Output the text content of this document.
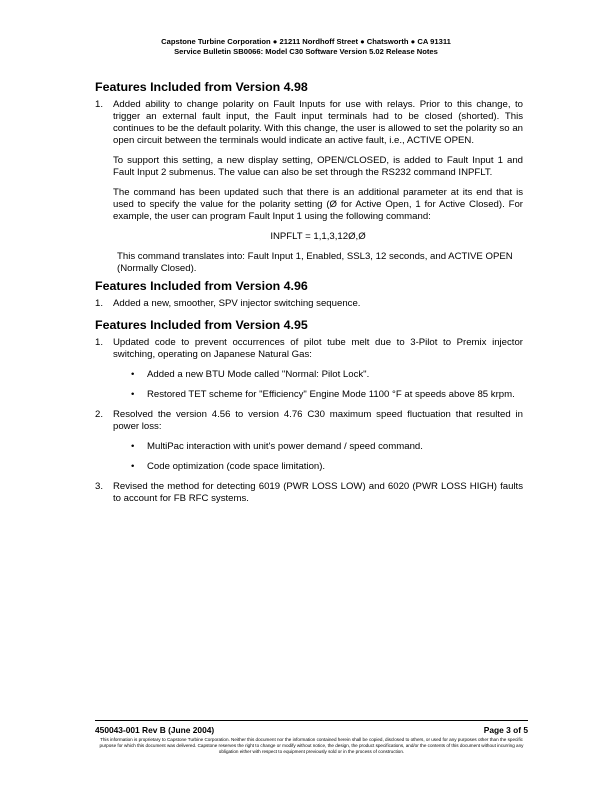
Capstone Turbine Corporation ● 21211 Nordhoff Street ● Chatsworth ● CA 91311
Service Bulletin SB0066: Model C30 Software Version 5.02 Release Notes
Features Included from Version 4.98
1.	Added ability to change polarity on Fault Inputs for use with relays. Prior to this change, to trigger an external fault input, the Fault input terminals had to be closed (shorted). This continues to be the default polarity. With this change, the user is allowed to set the polarity so an open circuit between the terminals would indicate an active fault, i.e., ACTIVE OPEN.

To support this setting, a new display setting, OPEN/CLOSED, is added to Fault Input 1 and Fault Input 2 submenus. The value can also be set through the RS232 command INPFLT.

The command has been updated such that there is an additional parameter at its end that is used to specify the value for the polarity setting (Ø for Active Open, 1 for Active Closed). For example, the user can program Fault Input 1 using the following command:

INPFLT = 1,1,3,12Ø,Ø
This command translates into: Fault Input 1, Enabled, SSL3, 12 seconds, and ACTIVE OPEN (Normally Closed).
Features Included from Version 4.96
1.	Added a new, smoother, SPV injector switching sequence.

Features Included from Version 4.95
1.	Updated code to prevent occurrences of pilot tube melt due to 3-Pilot to Premix injector switching, operating on Japanese Natural Gas:

•	Added a new BTU Mode called "Normal: Pilot Lock".
•	Restored TET scheme for "Efficiency" Engine Mode 1100 °F at speeds above 85 krpm.
2.	Resolved the version 4.56 to version 4.76 C30 maximum speed fluctuation that resulted in power loss:

•	MultiPac interaction with unit's power demand / speed command.
•	Code optimization (code space limitation).
3.	Revised the method for detecting 6019 (PWR LOSS LOW) and 6020 (PWR LOSS HIGH) faults to account for FB RFC systems.

450043-001 Rev B (June 2004)	Page 3 of 5
This information is proprietary to Capstone Turbine Corporation. Neither this document nor the information contained herein shall be copied, disclosed to others, or used for any purposes other than the specific purpose for which this document was delivered. Capstone reserves the right to change or modify without notice, the design, the product specifications, and/or the contents of this document without incurring any obligation either with respect to equipment previously sold or in the process of construction.
